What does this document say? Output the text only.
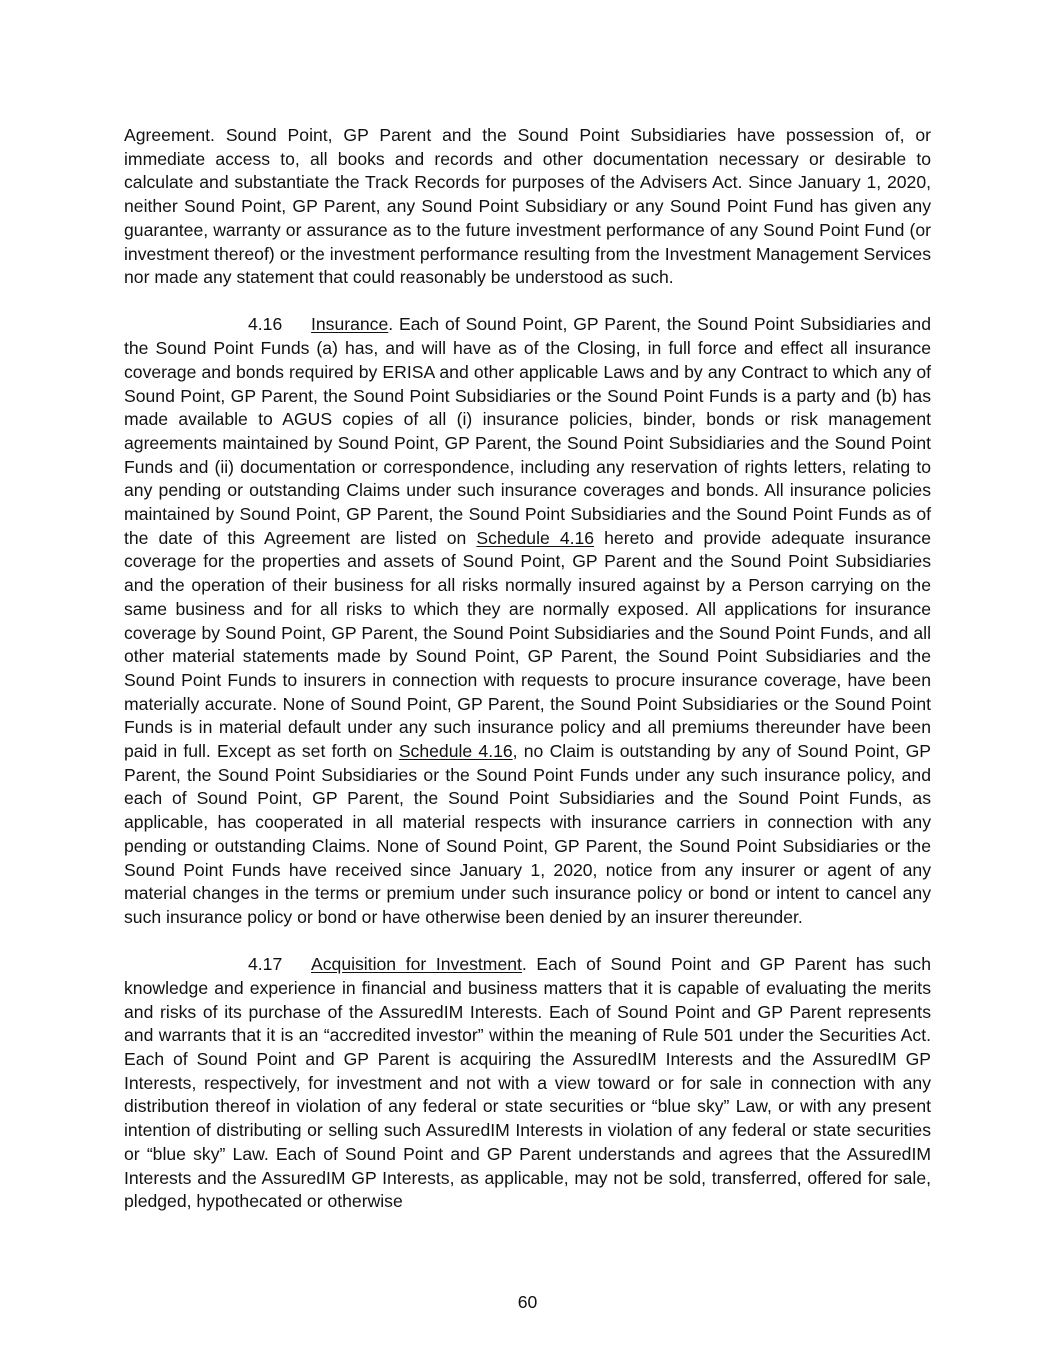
Agreement. Sound Point, GP Parent and the Sound Point Subsidiaries have possession of, or immediate access to, all books and records and other documentation necessary or desirable to calculate and substantiate the Track Records for purposes of the Advisers Act. Since January 1, 2020, neither Sound Point, GP Parent, any Sound Point Subsidiary or any Sound Point Fund has given any guarantee, warranty or assurance as to the future investment performance of any Sound Point Fund (or investment thereof) or the investment performance resulting from the Investment Management Services nor made any statement that could reasonably be understood as such.

4.16 Insurance. Each of Sound Point, GP Parent, the Sound Point Subsidiaries and the Sound Point Funds (a) has, and will have as of the Closing, in full force and effect all insurance coverage and bonds required by ERISA and other applicable Laws and by any Contract to which any of Sound Point, GP Parent, the Sound Point Subsidiaries or the Sound Point Funds is a party and (b) has made available to AGUS copies of all (i) insurance policies, binder, bonds or risk management agreements maintained by Sound Point, GP Parent, the Sound Point Subsidiaries and the Sound Point Funds and (ii) documentation or correspondence, including any reservation of rights letters, relating to any pending or outstanding Claims under such insurance coverages and bonds. All insurance policies maintained by Sound Point, GP Parent, the Sound Point Subsidiaries and the Sound Point Funds as of the date of this Agreement are listed on Schedule 4.16 hereto and provide adequate insurance coverage for the properties and assets of Sound Point, GP Parent and the Sound Point Subsidiaries and the operation of their business for all risks normally insured against by a Person carrying on the same business and for all risks to which they are normally exposed. All applications for insurance coverage by Sound Point, GP Parent, the Sound Point Subsidiaries and the Sound Point Funds, and all other material statements made by Sound Point, GP Parent, the Sound Point Subsidiaries and the Sound Point Funds to insurers in connection with requests to procure insurance coverage, have been materially accurate. None of Sound Point, GP Parent, the Sound Point Subsidiaries or the Sound Point Funds is in material default under any such insurance policy and all premiums thereunder have been paid in full. Except as set forth on Schedule 4.16, no Claim is outstanding by any of Sound Point, GP Parent, the Sound Point Subsidiaries or the Sound Point Funds under any such insurance policy, and each of Sound Point, GP Parent, the Sound Point Subsidiaries and the Sound Point Funds, as applicable, has cooperated in all material respects with insurance carriers in connection with any pending or outstanding Claims. None of Sound Point, GP Parent, the Sound Point Subsidiaries or the Sound Point Funds have received since January 1, 2020, notice from any insurer or agent of any material changes in the terms or premium under such insurance policy or bond or intent to cancel any such insurance policy or bond or have otherwise been denied by an insurer thereunder.

4.17 Acquisition for Investment. Each of Sound Point and GP Parent has such knowledge and experience in financial and business matters that it is capable of evaluating the merits and risks of its purchase of the AssuredIM Interests. Each of Sound Point and GP Parent represents and warrants that it is an “accredited investor” within the meaning of Rule 501 under the Securities Act. Each of Sound Point and GP Parent is acquiring the AssuredIM Interests and the AssuredIM GP Interests, respectively, for investment and not with a view toward or for sale in connection with any distribution thereof in violation of any federal or state securities or “blue sky” Law, or with any present intention of distributing or selling such AssuredIM Interests in violation of any federal or state securities or “blue sky” Law. Each of Sound Point and GP Parent understands and agrees that the AssuredIM Interests and the AssuredIM GP Interests, as applicable, may not be sold, transferred, offered for sale, pledged, hypothecated or otherwise

60
